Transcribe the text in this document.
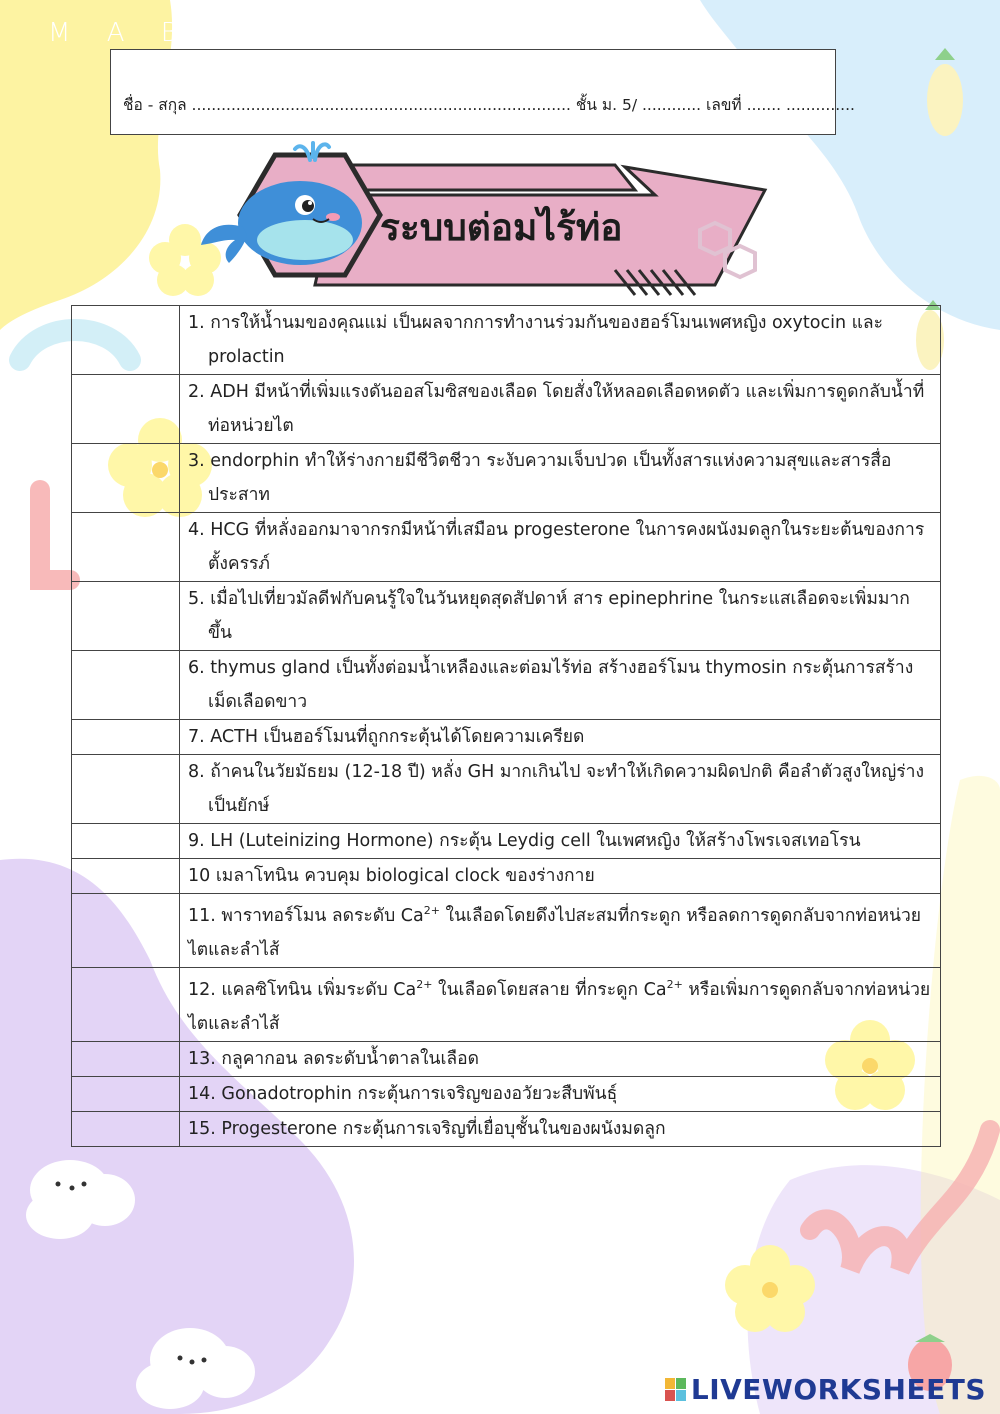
M A B
ชื่อ - สกุล ............................................................................. ชั้น ม. 5/ ............ เลขที่ ....... ..............
ระบบต่อมไร้ท่อ

	1. การให้น้ำนมของคุณแม่ เป็นผลจากการทำงานร่วมกันของฮอร์โมนเพศหญิง oxytocin และ prolactin

	2. ADH มีหน้าที่เพิ่มแรงดันออสโมซิสของเลือด โดยสั่งให้หลอดเลือดหดตัว และเพิ่มการดูดกลับน้ำที่ท่อหน่วยไต

	3. endorphin ทำให้ร่างกายมีชีวิตชีวา ระงับความเจ็บปวด เป็นทั้งสารแห่งความสุขและสารสื่อประสาท

	4. HCG ที่หลั่งออกมาจากรกมีหน้าที่เสมือน progesterone ในการคงผนังมดลูกในระยะต้นของการตั้งครรภ์

	5. เมื่อไปเที่ยวมัลดีฟกับคนรู้ใจในวันหยุดสุดสัปดาห์ สาร epinephrine ในกระแสเลือดจะเพิ่มมากขึ้น

	6. thymus gland เป็นทั้งต่อมน้ำเหลืองและต่อมไร้ท่อ สร้างฮอร์โมน thymosin กระตุ้นการสร้างเม็ดเลือดขาว

	7. ACTH เป็นฮอร์โมนที่ถูกกระตุ้นได้โดยความเครียด

	8. ถ้าคนในวัยมัธยม (12-18 ปี) หลั่ง GH มากเกินไป จะทำให้เกิดความผิดปกติ คือลำตัวสูงใหญ่ร่างเป็นยักษ์

	9. LH (Luteinizing Hormone) กระตุ้น Leydig cell ในเพศหญิง ให้สร้างโพรเจสเทอโรน

	10 เมลาโทนิน ควบคุม biological clock ของร่างกาย

	11. พาราทอร์โมน ลดระดับ $Ca^{2+}$ ในเลือดโดยดึงไปสะสมที่กระดูก หรือลดการดูดกลับจากท่อหน่วยไตและลำไส้

	12. แคลซิโทนิน เพิ่มระดับ $Ca^{2+}$ ในเลือดโดยสลาย ที่กระดูก $Ca^{2+}$ หรือเพิ่มการดูดกลับจากท่อหน่วยไตและลำไส้

	13. กลูคากอน ลดระดับน้ำตาลในเลือด

	14. Gonadotrophin กระตุ้นการเจริญของอวัยวะสืบพันธุ์

	15. Progesterone กระตุ้นการเจริญที่เยื่อบุชั้นในของผนังมดลูก
LIVEWORKSHEETS
